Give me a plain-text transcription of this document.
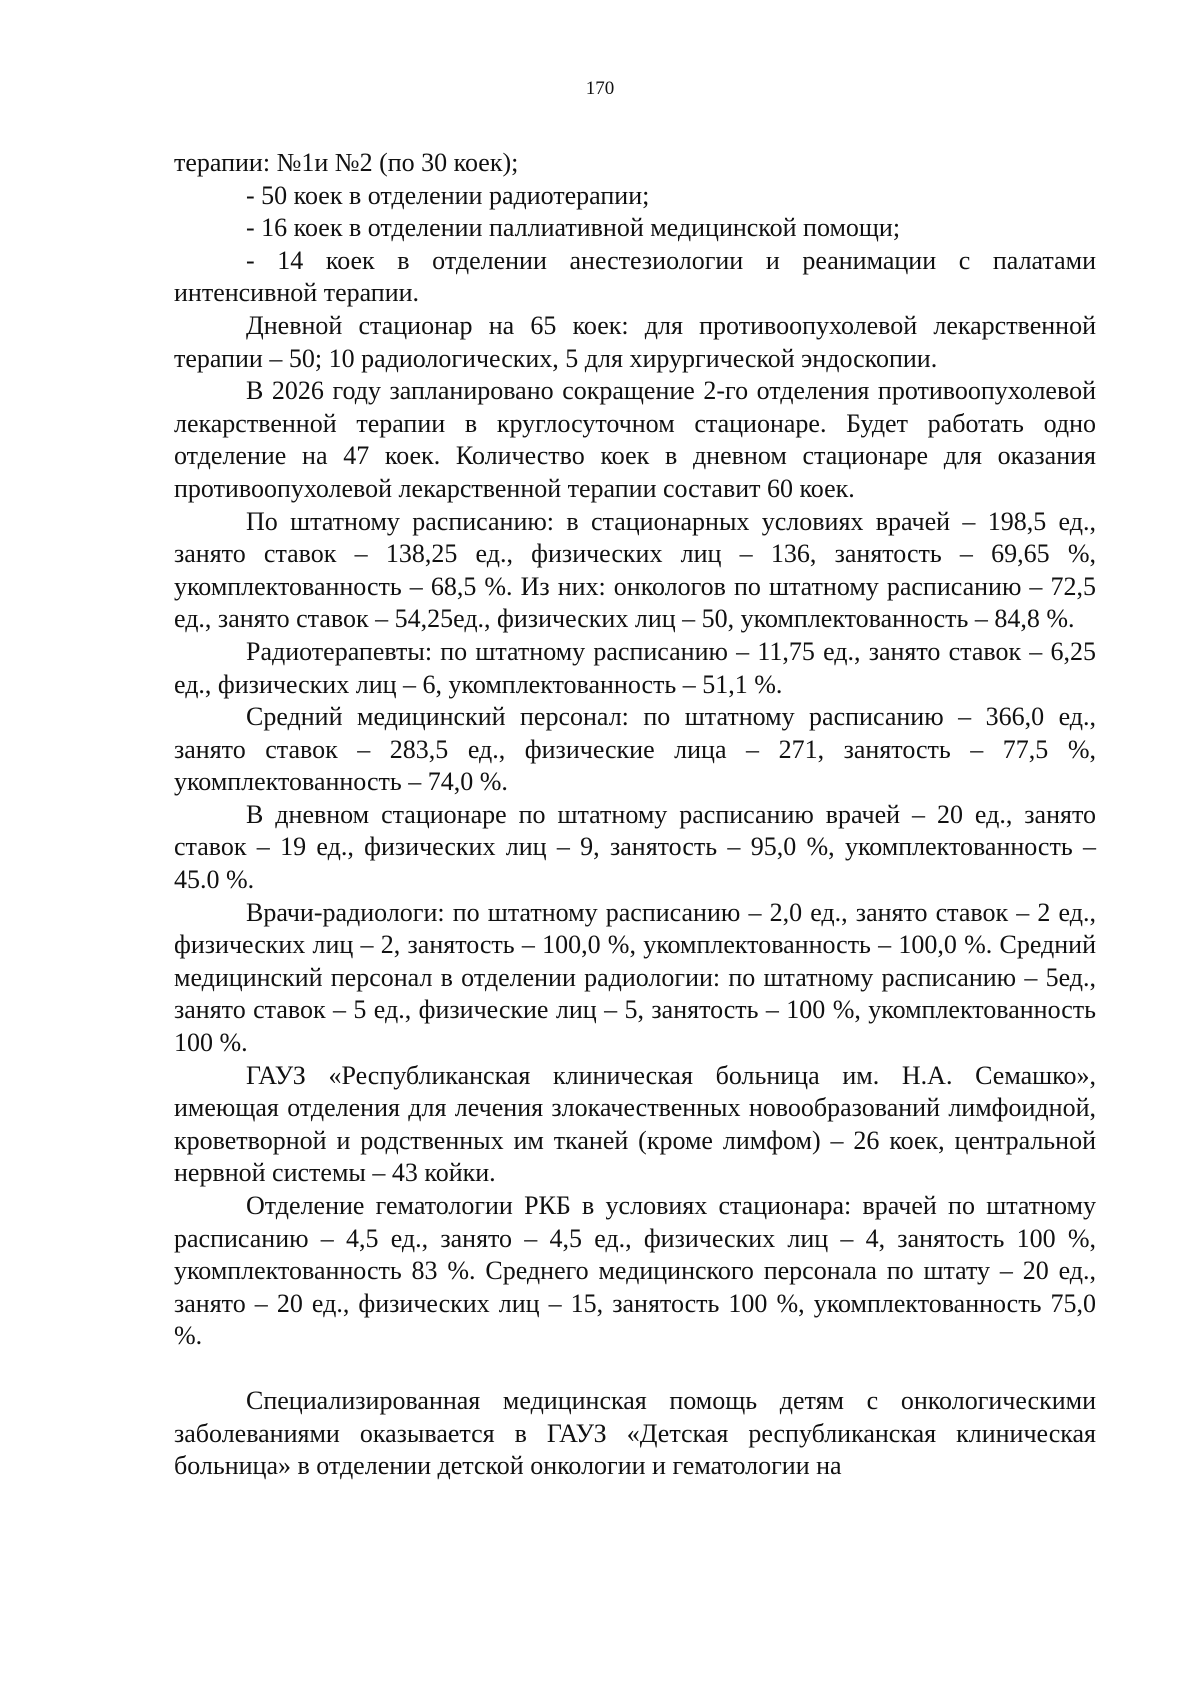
170

терапии: №1и №2 (по 30 коек);

- 50 коек в отделении радиотерапии;

- 16 коек в отделении паллиативной медицинской помощи;

- 14 коек в отделении анестезиологии и реанимации с палатами интенсивной терапии.

Дневной стационар на 65 коек: для противоопухолевой лекарственной терапии – 50; 10 радиологических, 5 для хирургической эндоскопии.

В 2026 году запланировано сокращение 2-го отделения противоопухолевой лекарственной терапии в круглосуточном стационаре. Будет работать одно отделение на 47 коек. Количество коек в дневном стационаре для оказания противоопухолевой лекарственной терапии составит 60 коек.

По штатному расписанию: в стационарных условиях врачей – 198,5 ед., занято ставок – 138,25 ед., физических лиц – 136, занятость – 69,65 %, укомплектованность – 68,5 %. Из них: онкологов по штатному расписанию – 72,5 ед., занято ставок – 54,25ед., физических лиц – 50, укомплектованность – 84,8 %.

Радиотерапевты: по штатному расписанию – 11,75 ед., занято ставок – 6,25 ед., физических лиц – 6, укомплектованность – 51,1 %.

Средний медицинский персонал: по штатному расписанию – 366,0 ед., занято ставок – 283,5 ед., физические лица – 271, занятость – 77,5 %, укомплектованность – 74,0 %.

В дневном стационаре по штатному расписанию врачей – 20 ед., занято ставок – 19 ед., физических лиц – 9, занятость – 95,0 %, укомплектованность – 45.0 %.

Врачи-радиологи: по штатному расписанию – 2,0 ед., занято ставок – 2 ед., физических лиц – 2, занятость – 100,0 %, укомплектованность – 100,0 %. Средний медицинский персонал в отделении радиологии: по штатному расписанию – 5ед., занято ставок – 5 ед., физические лиц – 5, занятость – 100 %, укомплектованность 100 %.

ГАУЗ «Республиканская клиническая больница им. Н.А. Семашко», имеющая отделения для лечения злокачественных новообразований лимфоидной, кроветворной и родственных им тканей (кроме лимфом) – 26 коек, центральной нервной системы – 43 койки.

Отделение гематологии РКБ в условиях стационара: врачей по штатному расписанию – 4,5 ед., занято – 4,5 ед., физических лиц – 4, занятость 100 %, укомплектованность 83 %. Среднего медицинского персонала по штату – 20 ед., занято – 20 ед., физических лиц – 15, занятость 100 %, укомплектованность 75,0 %.

Специализированная медицинская помощь детям с онкологическими заболеваниями оказывается в ГАУЗ «Детская республиканская клиническая больница» в отделении детской онкологии и гематологии на
